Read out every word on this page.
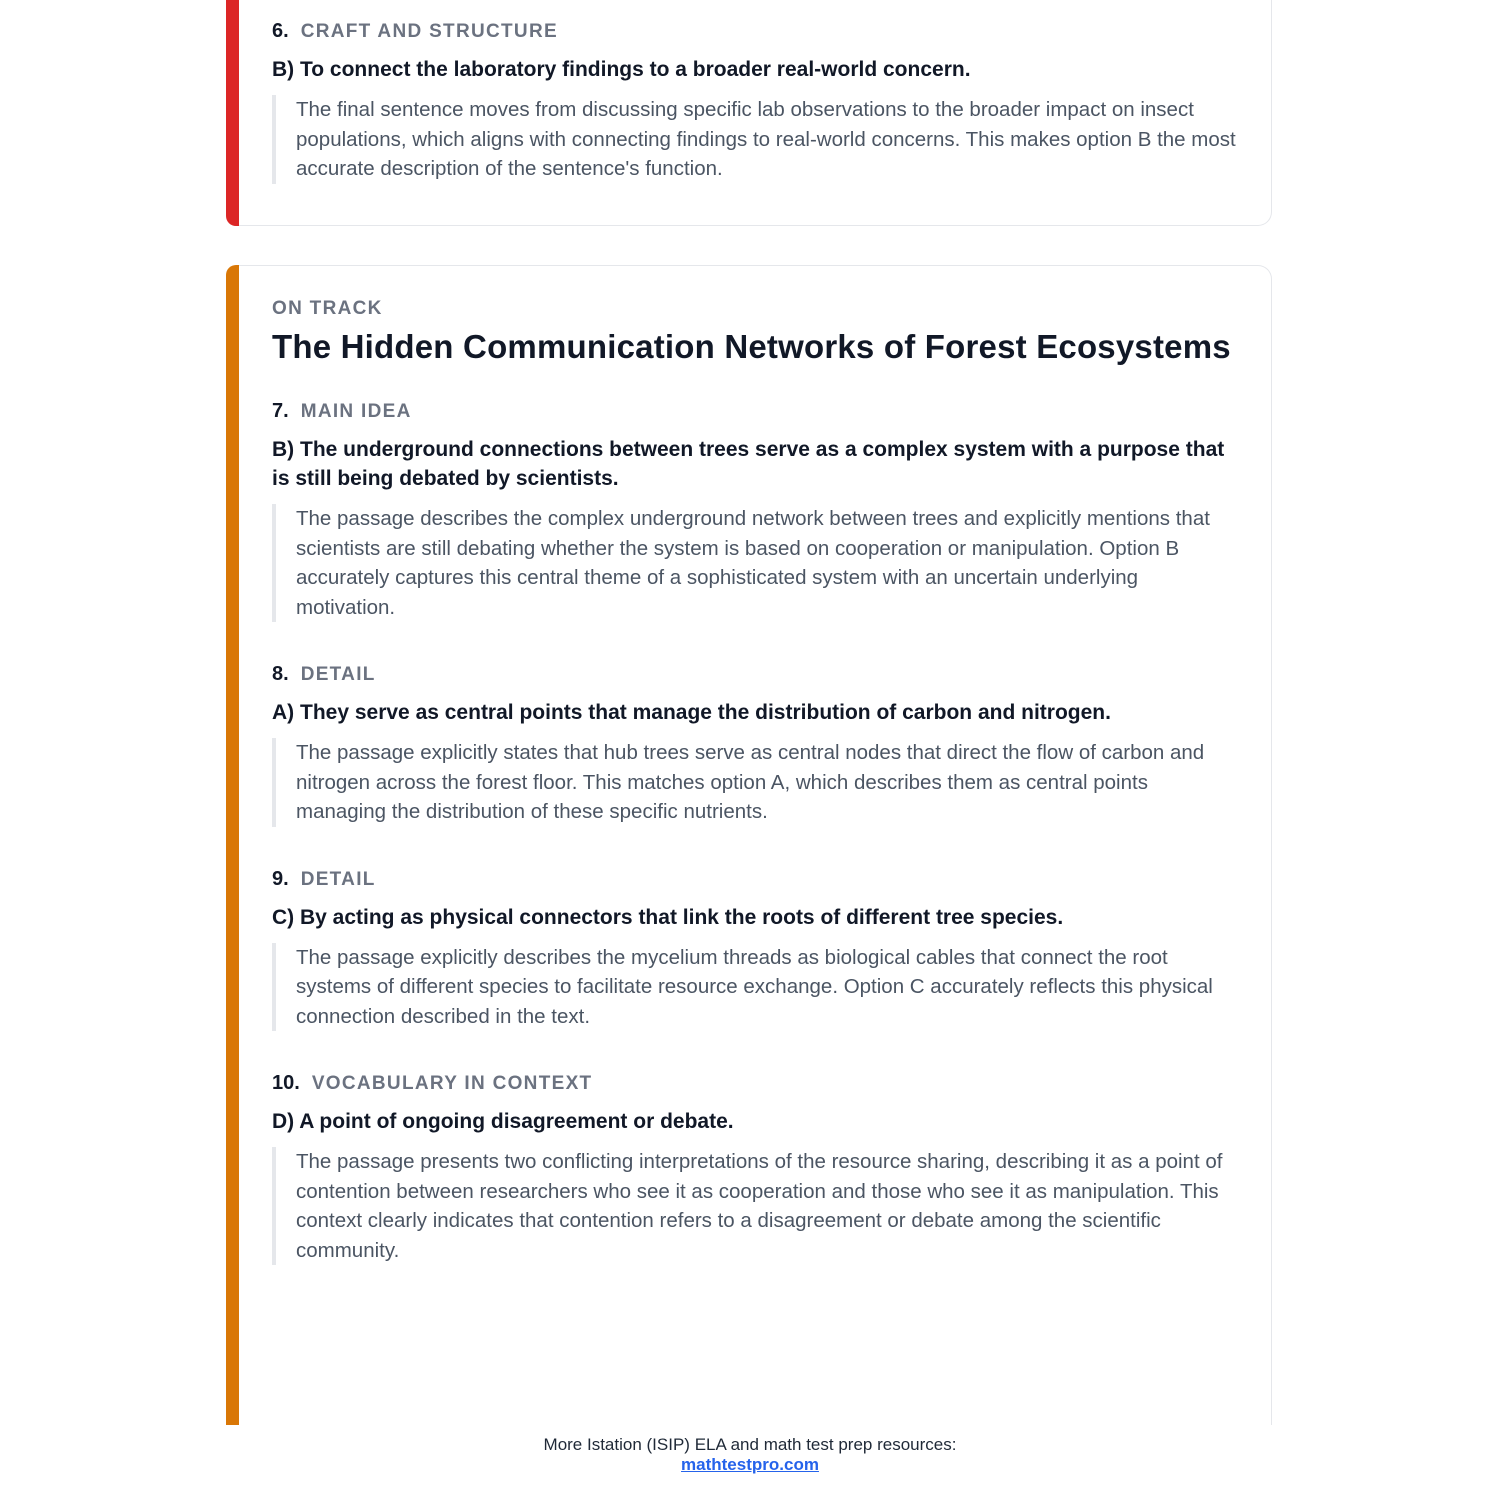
6. CRAFT AND STRUCTURE

B) To connect the laboratory findings to a broader real-world concern.

The final sentence moves from discussing specific lab observations to the broader impact on insect populations, which aligns with connecting findings to real-world concerns. This makes option B the most accurate description of the sentence's function.

ON TRACK
The Hidden Communication Networks of Forest Ecosystems
7. MAIN IDEA

B) The underground connections between trees serve as a complex system with a purpose that is still being debated by scientists.

The passage describes the complex underground network between trees and explicitly mentions that scientists are still debating whether the system is based on cooperation or manipulation. Option B accurately captures this central theme of a sophisticated system with an uncertain underlying motivation.

8. DETAIL

A) They serve as central points that manage the distribution of carbon and nitrogen.

The passage explicitly states that hub trees serve as central nodes that direct the flow of carbon and nitrogen across the forest floor. This matches option A, which describes them as central points managing the distribution of these specific nutrients.

9. DETAIL

C) By acting as physical connectors that link the roots of different tree species.

The passage explicitly describes the mycelium threads as biological cables that connect the root systems of different species to facilitate resource exchange. Option C accurately reflects this physical connection described in the text.

10. VOCABULARY IN CONTEXT

D) A point of ongoing disagreement or debate.

The passage presents two conflicting interpretations of the resource sharing, describing it as a point of contention between researchers who see it as cooperation and those who see it as manipulation. This context clearly indicates that contention refers to a disagreement or debate among the scientific community.

More Istation (ISIP) ELA and math test prep resources:
mathtestpro.com
